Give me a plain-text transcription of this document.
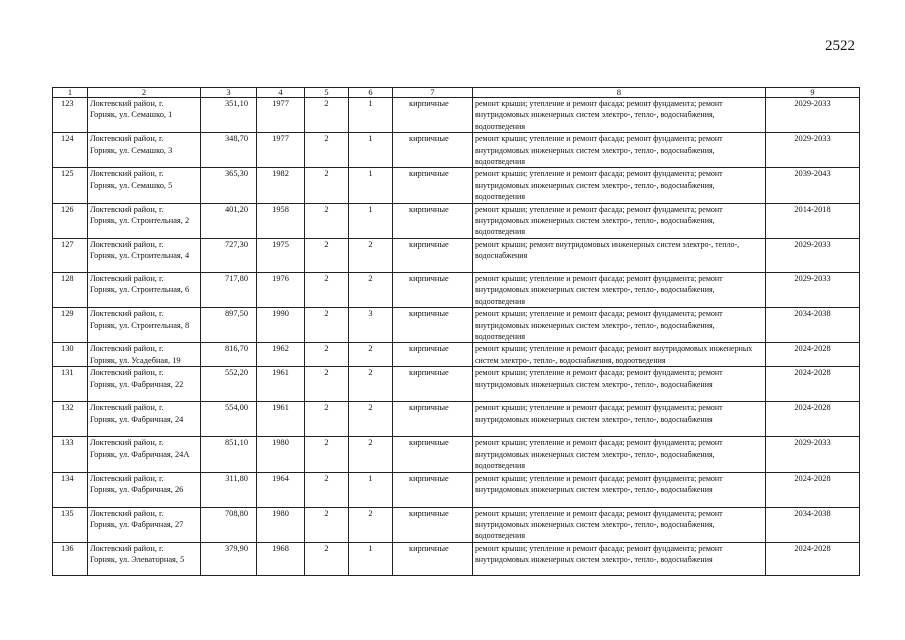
2522
1	2	3	4	5	6	7	8	9
123	Локтевский район, г.
Горняк, ул. Семашко, 1	351,10	1977	2	1	кирпичные	ремонт крыши; утепление и ремонт фасада; ремонт фундамента; ремонт внутридомовых инженерных систем электро-, тепло-, водоснабжения, водоотведения	2029-2033
124	Локтевский район, г.
Горняк, ул. Семашко, 3	348,70	1977	2	1	кирпичные	ремонт крыши; утепление и ремонт фасада; ремонт фундамента; ремонт внутридомовых инженерных систем электро-, тепло-, водоснабжения, водоотведения	2029-2033
125	Локтевский район, г.
Горняк, ул. Семашко, 5	365,30	1982	2	1	кирпичные	ремонт крыши; утепление и ремонт фасада; ремонт фундамента; ремонт внутридомовых инженерных систем электро-, тепло-, водоснабжения, водоотведения	2039-2043
126	Локтевский район, г.
Горняк, ул. Строительная, 2	401,20	1958	2	1	кирпичные	ремонт крыши; утепление и ремонт фасада; ремонт фундамента; ремонт внутридомовых инженерных систем электро-, тепло-, водоснабжения, водоотведения	2014-2018
127	Локтевский район, г.
Горняк, ул. Строительная, 4	727,30	1975	2	2	кирпичные	ремонт крыши; ремонт внутридомовых инженерных систем электро-, тепло-, водоснабжения	2029-2033
128	Локтевский район, г.
Горняк, ул. Строительная, 6	717,80	1976	2	2	кирпичные	ремонт крыши; утепление и ремонт фасада; ремонт фундамента; ремонт внутридомовых инженерных систем электро-, тепло-, водоснабжения, водоотведения	2029-2033
129	Локтевский район, г.
Горняк, ул. Строительная, 8	897,50	1990	2	3	кирпичные	ремонт крыши; утепление и ремонт фасада; ремонт фундамента; ремонт внутридомовых инженерных систем электро-, тепло-, водоснабжения, водоотведения	2034-2038
130	Локтевский район, г.
Горняк, ул. Усадебная, 19	816,70	1962	2	2	кирпичные	ремонт крыши; утепление и ремонт фасада; ремонт внутридомовых инженерных систем электро-, тепло-, водоснабжения, водоотведения	2024-2028
131	Локтевский район, г.
Горняк, ул. Фабричная, 22	552,20	1961	2	2	кирпичные	ремонт крыши; утепление и ремонт фасада; ремонт фундамента; ремонт внутридомовых инженерных систем электро-, тепло-, водоснабжения	2024-2028
132	Локтевский район, г.
Горняк, ул. Фабричная, 24	554,00	1961	2	2	кирпичные	ремонт крыши; утепление и ремонт фасада; ремонт фундамента; ремонт внутридомовых инженерных систем электро-, тепло-, водоснабжения	2024-2028
133	Локтевский район, г.
Горняк, ул. Фабричная, 24А	851,10	1980	2	2	кирпичные	ремонт крыши; утепление и ремонт фасада; ремонт фундамента; ремонт внутридомовых инженерных систем электро-, тепло-, водоснабжения, водоотведения	2029-2033
134	Локтевский район, г.
Горняк, ул. Фабричная, 26	311,80	1964	2	1	кирпичные	ремонт крыши; утепление и ремонт фасада; ремонт фундамента; ремонт внутридомовых инженерных систем электро-, тепло-, водоснабжения	2024-2028
135	Локтевский район, г.
Горняк, ул. Фабричная, 27	708,80	1980	2	2	кирпичные	ремонт крыши; утепление и ремонт фасада; ремонт фундамента; ремонт внутридомовых инженерных систем электро-, тепло-, водоснабжения, водоотведения	2034-2038
136	Локтевский район, г.
Горняк, ул. Элеваторная, 5	379,90	1968	2	1	кирпичные	ремонт крыши; утепление и ремонт фасада; ремонт фундамента; ремонт внутридомовых инженерных систем электро-, тепло-, водоснабжения	2024-2028
